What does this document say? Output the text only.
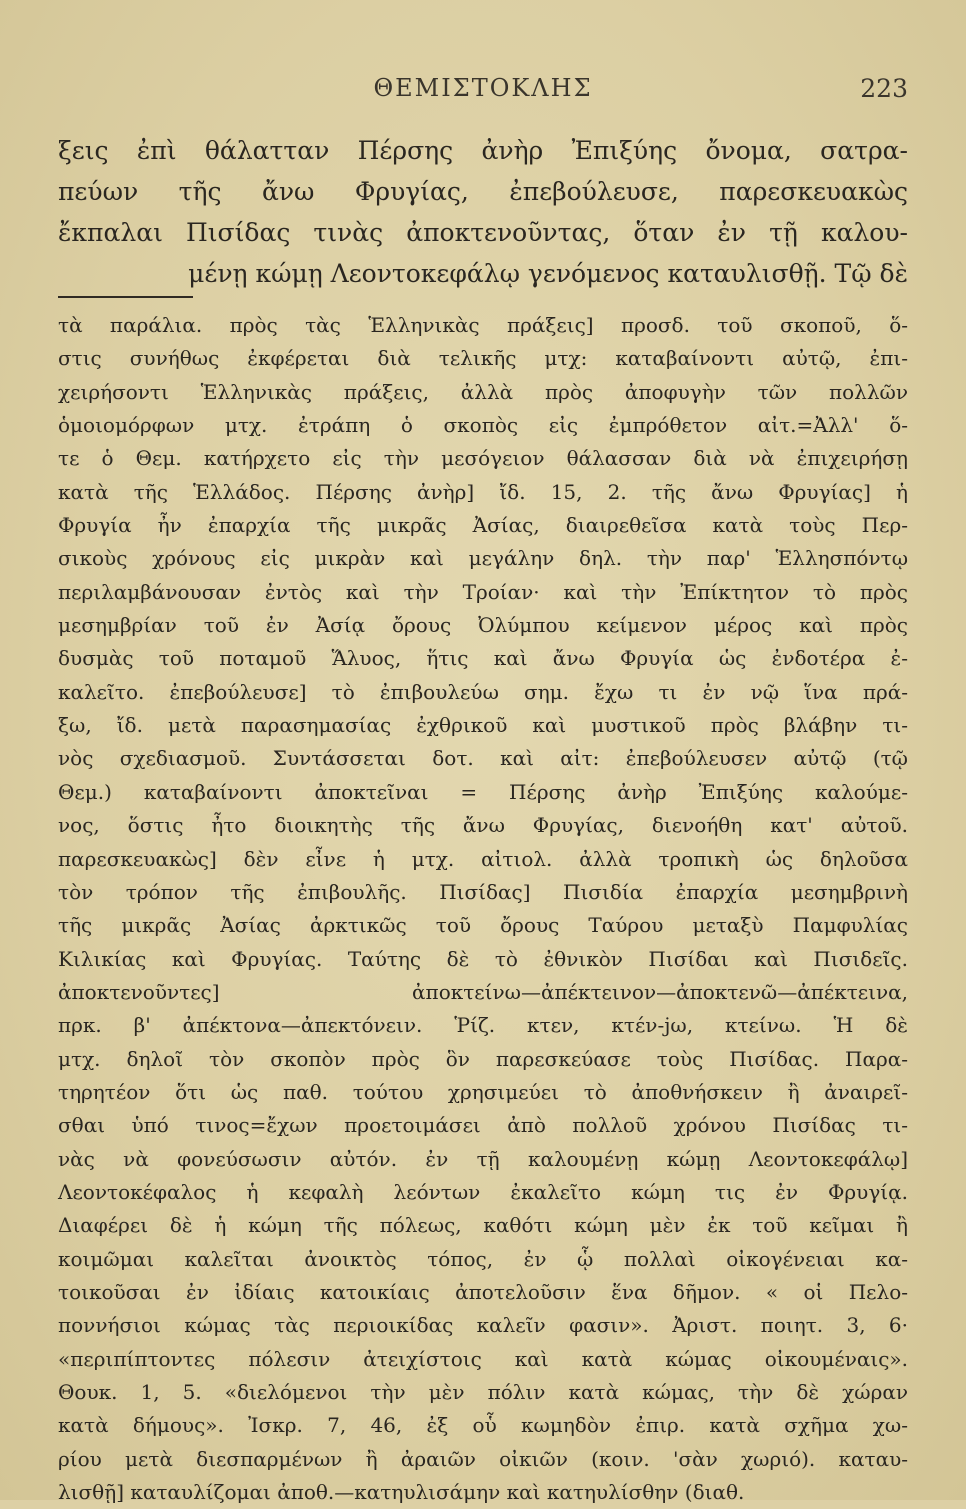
ΘΕΜΙΣΤΟΚΛΗΣ	223
ξεις ἐπὶ θάλατταν Πέρσης ἀνὴρ Ἐπιξύης ὄνομα, σατρα-
πεύων τῆς ἄνω Φρυγίας, ἐπεβούλευσε, παρεσκευακὼς
ἔκπαλαι Πισίδας τινὰς ἀποκτενοῦντας, ὅταν ἐν τῇ καλου-
μένῃ κώμῃ Λεοντοκεφάλῳ γενόμενος καταυλισθῇ. Τῷ δὲ
τὰ παράλια. πρὸς τὰς Ἑλληνικὰς πράξεις] προσδ. τοῦ σκοποῦ, ὅ-
στις συνήθως ἐκφέρεται διὰ τελικῆς μτχ: καταβαίνοντι αὐτῷ, ἐπι-
χειρήσοντι Ἑλληνικὰς πράξεις, ἀλλὰ πρὸς ἀποφυγὴν τῶν πολλῶν
ὁμοιομόρφων μτχ. ἐτράπη ὁ σκοπὸς εἰς ἐμπρόθετον αἰτ.=Ἀλλ' ὅ-
τε ὁ Θεμ. κατήρχετο εἰς τὴν μεσόγειον θάλασσαν διὰ νὰ ἐπιχειρήσῃ
κατὰ τῆς Ἑλλάδος. Πέρσης ἀνὴρ] ἴδ. 15, 2. τῆς ἄνω Φρυγίας] ἡ
Φρυγία ἦν ἐπαρχία τῆς μικρᾶς Ἀσίας, διαιρεθεῖσα κατὰ τοὺς Περ-
σικοὺς χρόνους εἰς μικρὰν καὶ μεγάλην δηλ. τὴν παρ' Ἑλλησπόντῳ
περιλαμβάνουσαν ἐντὸς καὶ τὴν Τροίαν· καὶ τὴν Ἐπίκτητον τὸ πρὸς
μεσημβρίαν τοῦ ἐν Ἀσίᾳ ὄρους Ὀλύμπου κείμενον μέρος καὶ πρὸς
δυσμὰς τοῦ ποταμοῦ Ἅλυος, ἥτις καὶ ἄνω Φρυγία ὡς ἐνδοτέρα ἐ-
καλεῖτο. ἐπεβούλευσε] τὸ ἐπιβουλεύω σημ. ἔχω τι ἐν νῷ ἵνα πρά-
ξω, ἴδ. μετὰ παρασημασίας ἐχθρικοῦ καὶ μυστικοῦ πρὸς βλάβην τι-
νὸς σχεδιασμοῦ. Συντάσσεται δοτ. καὶ αἰτ: ἐπεβούλευσεν αὐτῷ (τῷ
Θεμ.) καταβαίνοντι ἀποκτεῖναι = Πέρσης ἀνὴρ Ἐπιξύης καλούμε-
νος, ὅστις ἦτο διοικητὴς τῆς ἄνω Φρυγίας, διενοήθη κατ' αὐτοῦ.
παρεσκευακὼς] δὲν εἶνε ἡ μτχ. αἰτιολ. ἀλλὰ τροπικὴ ὡς δηλοῦσα
τὸν τρόπον τῆς ἐπιβουλῆς. Πισίδας] Πισιδία ἐπαρχία μεσημβρινὴ
τῆς μικρᾶς Ἀσίας ἀρκτικῶς τοῦ ὄρους Ταύρου μεταξὺ Παμφυλίας
Κιλικίας καὶ Φρυγίας. Ταύτης δὲ τὸ ἐθνικὸν Πισίδαι καὶ Πισιδεῖς.
ἀποκτενοῦντες] ἀποκτείνω—ἀπέκτεινον—ἀποκτενῶ—ἀπέκτεινα,
πρκ. β' ἀπέκτονα—ἀπεκτόνειν. Ῥίζ. κτεν, κτέν-jω, κτείνω. Ἡ δὲ
μτχ. δηλοῖ τὸν σκοπὸν πρὸς ὃν παρεσκεύασε τοὺς Πισίδας. Παρα-
τηρητέον ὅτι ὡς παθ. τούτου χρησιμεύει τὸ ἀποθνήσκειν ἢ ἀναιρεῖ-
σθαι ὑπό τινος=ἔχων προετοιμάσει ἀπὸ πολλοῦ χρόνου Πισίδας τι-
νὰς νὰ φονεύσωσιν αὐτόν. ἐν τῇ καλουμένῃ κώμῃ Λεοντοκεφάλῳ]
Λεοντοκέφαλος ἡ κεφαλὴ λεόντων ἐκαλεῖτο κώμη τις ἐν Φρυγίᾳ.
Διαφέρει δὲ ἡ κώμη τῆς πόλεως, καθότι κώμη μὲν ἐκ τοῦ κεῖμαι ἢ
κοιμῶμαι καλεῖται ἀνοικτὸς τόπος, ἐν ᾧ πολλαὶ οἰκογένειαι κα-
τοικοῦσαι ἐν ἰδίαις κατοικίαις ἀποτελοῦσιν ἕνα δῆμον. « οἱ Πελο-
ποννήσιοι κώμας τὰς περιοικίδας καλεῖν φασιν». Ἀριστ. ποιητ. 3, 6·
«περιπίπτοντες πόλεσιν ἀτειχίστοις καὶ κατὰ κώμας οἰκουμέναις».
Θουκ. 1, 5. «διελόμενοι τὴν μὲν πόλιν κατὰ κώμας, τὴν δὲ χώραν
κατὰ δήμους». Ἰσκρ. 7, 46, ἐξ οὗ κωμηδὸν ἐπιρ. κατὰ σχῆμα χω-
ρίου μετὰ διεσπαρμένων ἢ ἀραιῶν οἰκιῶν (κοιν. 'σὰν χωριό). καταυ-
λισθῇ] καταυλίζομαι ἀποθ.—κατηυλισάμην καὶ κατηυλίσθην (διαθ.
